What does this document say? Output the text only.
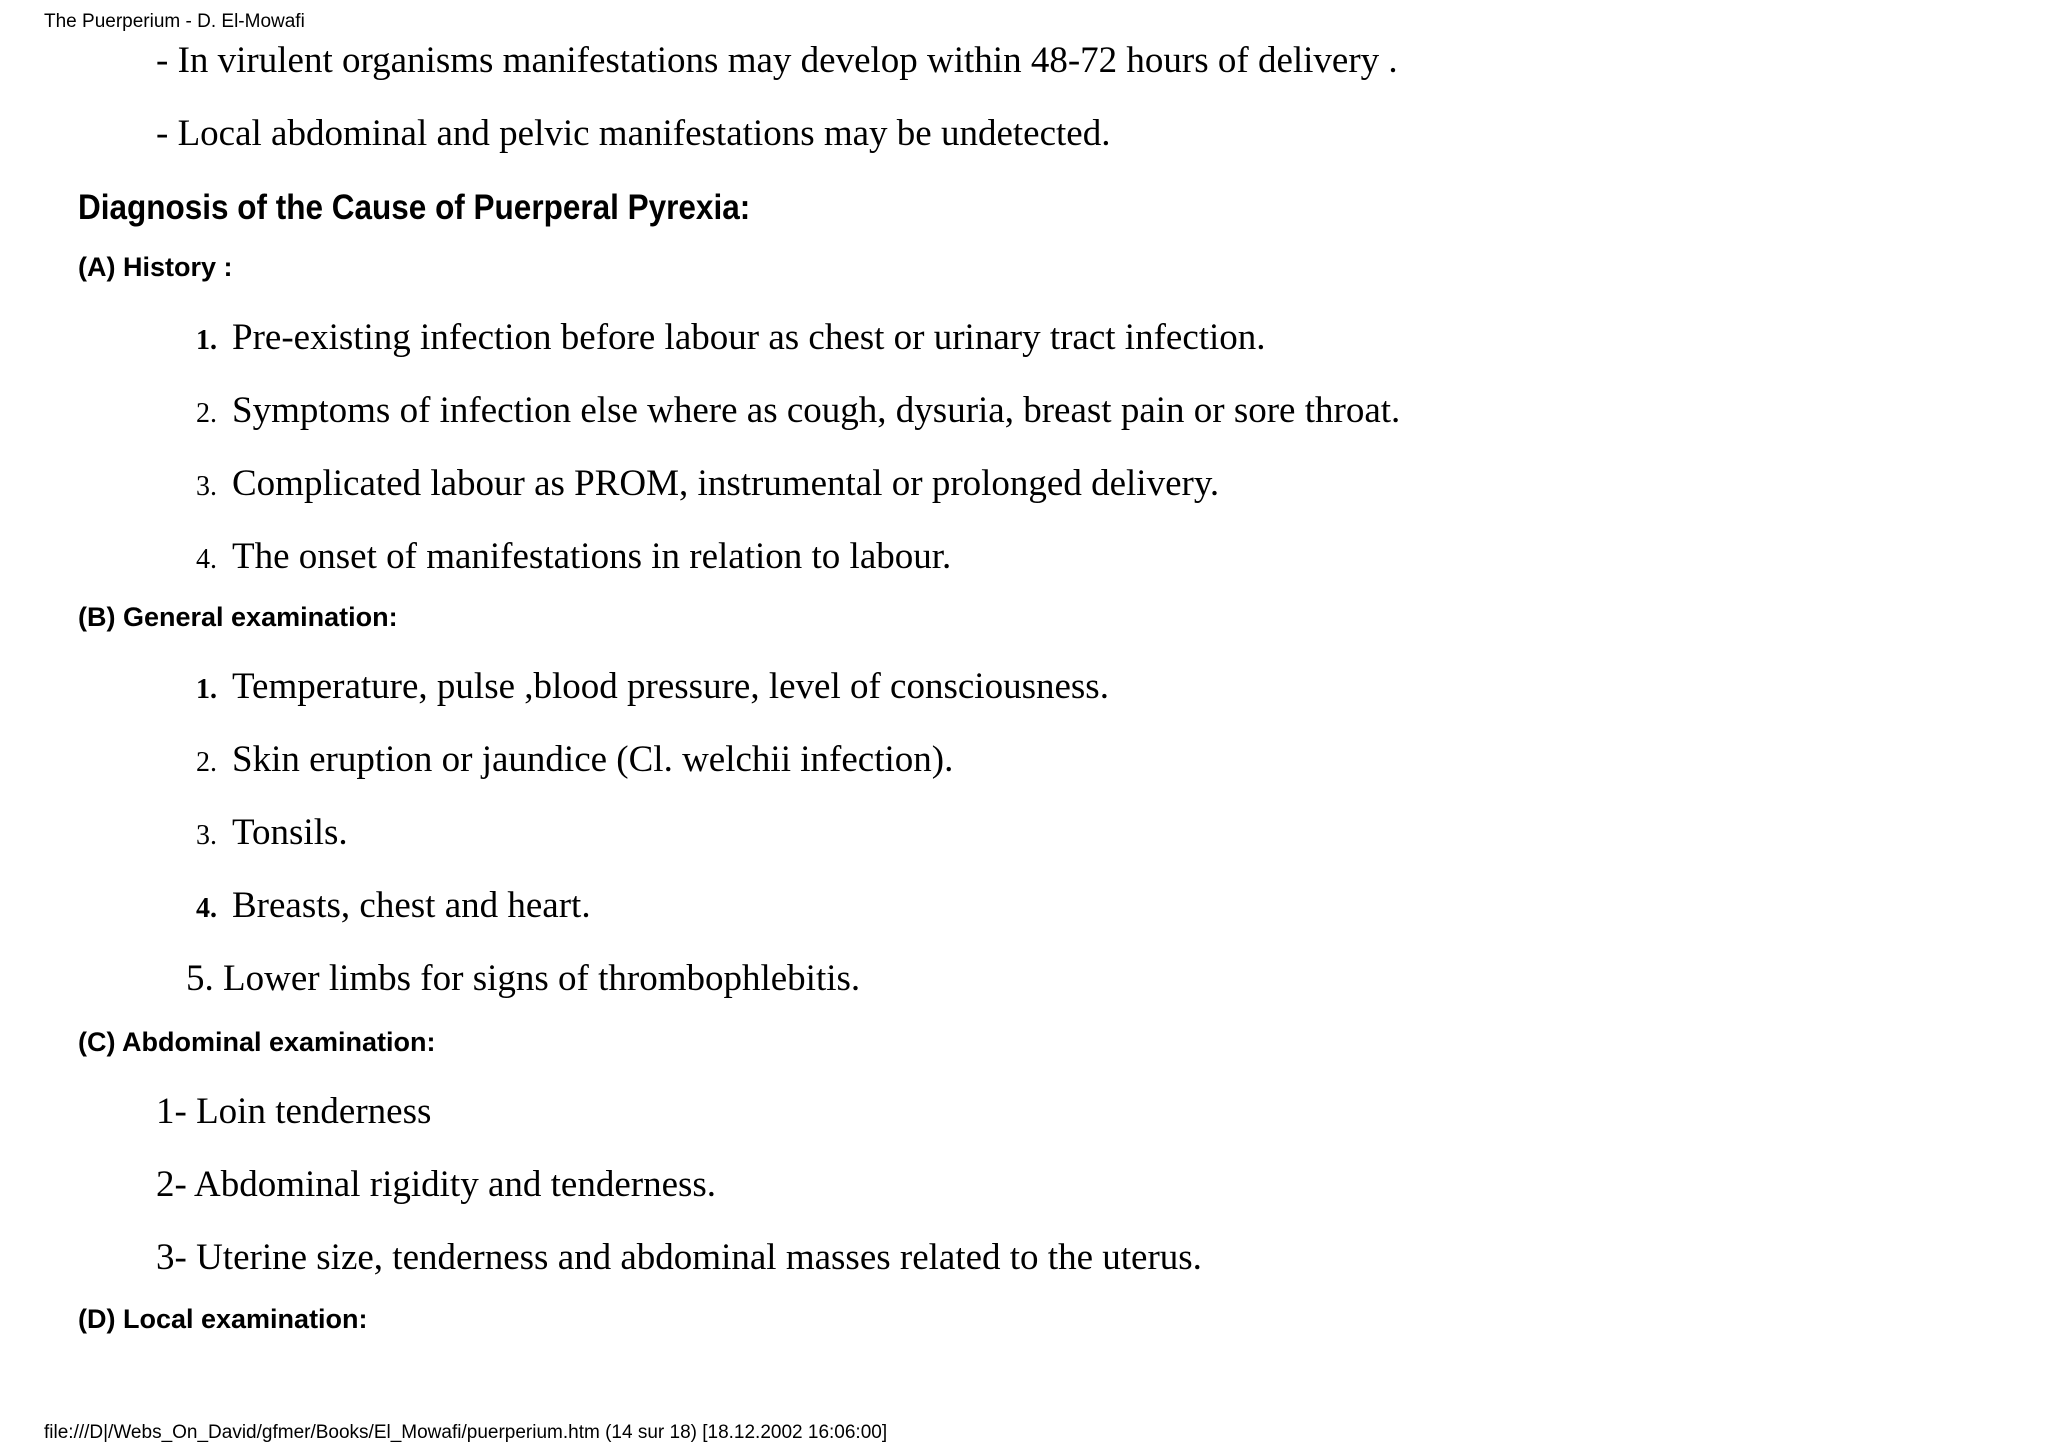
The Puerperium - D. El-Mowafi
- In virulent organisms manifestations may develop within 48-72 hours of delivery .
- Local abdominal and pelvic manifestations may be undetected.
Diagnosis of the Cause of Puerperal Pyrexia:
(A) History :
1. Pre-existing infection before labour as chest or urinary tract infection.
2. Symptoms of infection else where as cough, dysuria, breast pain or sore throat.
3. Complicated labour as PROM, instrumental or prolonged delivery.
4. The onset of manifestations in relation to labour.
(B) General examination:
1. Temperature, pulse ,blood pressure, level of consciousness.
2. Skin eruption or jaundice (Cl. welchii infection).
3. Tonsils.
4. Breasts, chest and heart.
5. Lower limbs for signs of thrombophlebitis.
(C) Abdominal examination:
1- Loin tenderness
2- Abdominal rigidity and tenderness.
3- Uterine size, tenderness and abdominal masses related to the uterus.
(D) Local examination:
file:///D|/Webs_On_David/gfmer/Books/El_Mowafi/puerperium.htm (14 sur 18) [18.12.2002 16:06:00]
